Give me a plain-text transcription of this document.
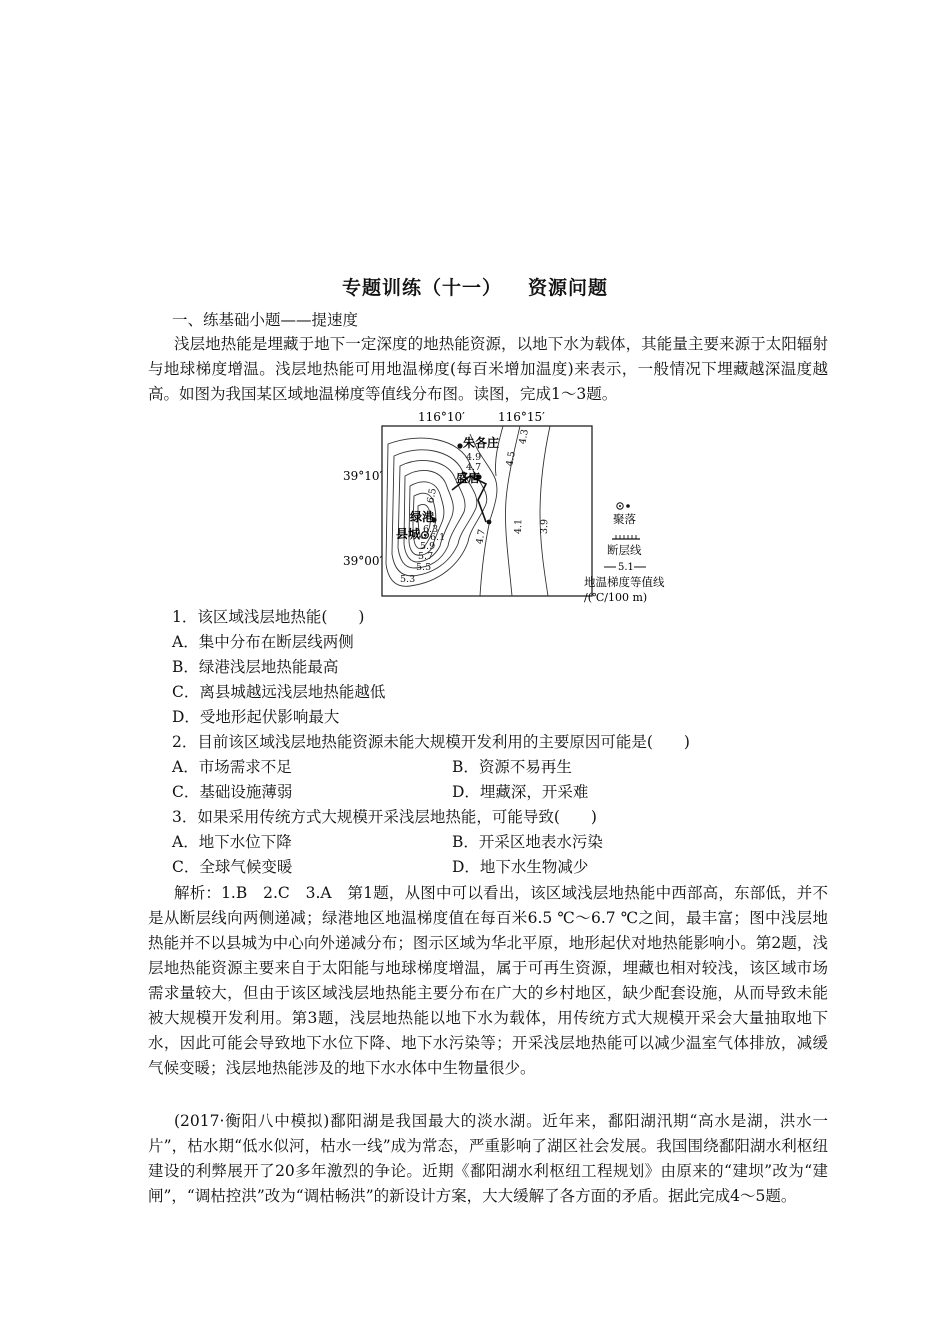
专题训练（十一） 资源问题
一、练基础小题——提速度
浅层地热能是埋藏于地下一定深度的地热能资源，以地下水为载体，其能量主要来源于太阳辐射与地球梯度增温。浅层地热能可用地温梯度(每百米增加温度)来表示，一般情况下埋藏越深温度越高。如图为我国某区域地温梯度等值线分布图。读图，完成1～3题。
116°10′	116°15′
39°10′
39°00′
朱各庄
盛唐
绿港
县城
4.9 4.5
4.3
4.7
4.1 3.9
6.5
6.3
6.1
5.9
5.7
5.5
5.3
4.7
聚落
断层线
5.1
地温梯度等值线
/(℃/100 m)
1．该区域浅层地热能(　　)
A．集中分布在断层线两侧
B．绿港浅层地热能最高
C．离县城越远浅层地热能越低
D．受地形起伏影响最大
2．目前该区域浅层地热能资源未能大规模开发利用的主要原因可能是(　　)
A．市场需求不足	B．资源不易再生
C．基础设施薄弱	D．埋藏深，开采难
3．如果采用传统方式大规模开采浅层地热能，可能导致(　　)
A．地下水位下降	B．开采区地表水污染
C．全球气候变暖	D．地下水生物减少
解析：1.B　2.C　3.A　第1题，从图中可以看出，该区域浅层地热能中西部高，东部低，并不是从断层线向两侧递减；绿港地区地温梯度值在每百米6.5 ℃～6.7 ℃之间，最丰富；图中浅层地热能并不以县城为中心向外递减分布；图示区域为华北平原，地形起伏对地热能影响小。第2题，浅层地热能资源主要来自于太阳能与地球梯度增温，属于可再生资源，埋藏也相对较浅，该区域市场需求量较大，但由于该区域浅层地热能主要分布在广大的乡村地区，缺少配套设施，从而导致未能被大规模开发利用。第3题，浅层地热能以地下水为载体，用传统方式大规模开采会大量抽取地下水，因此可能会导致地下水位下降、地下水污染等；开采浅层地热能可以减少温室气体排放，减缓气候变暖；浅层地热能涉及的地下水水体中生物量很少。
(2017·衡阳八中模拟)鄱阳湖是我国最大的淡水湖。近年来，鄱阳湖汛期“高水是湖，洪水一片”，枯水期“低水似河，枯水一线”成为常态，严重影响了湖区社会发展。我国围绕鄱阳湖水利枢纽建设的利弊展开了20多年激烈的争论。近期《鄱阳湖水利枢纽工程规划》由原来的“建坝”改为“建闸”，“调枯控洪”改为“调枯畅洪”的新设计方案，大大缓解了各方面的矛盾。据此完成4～5题。
